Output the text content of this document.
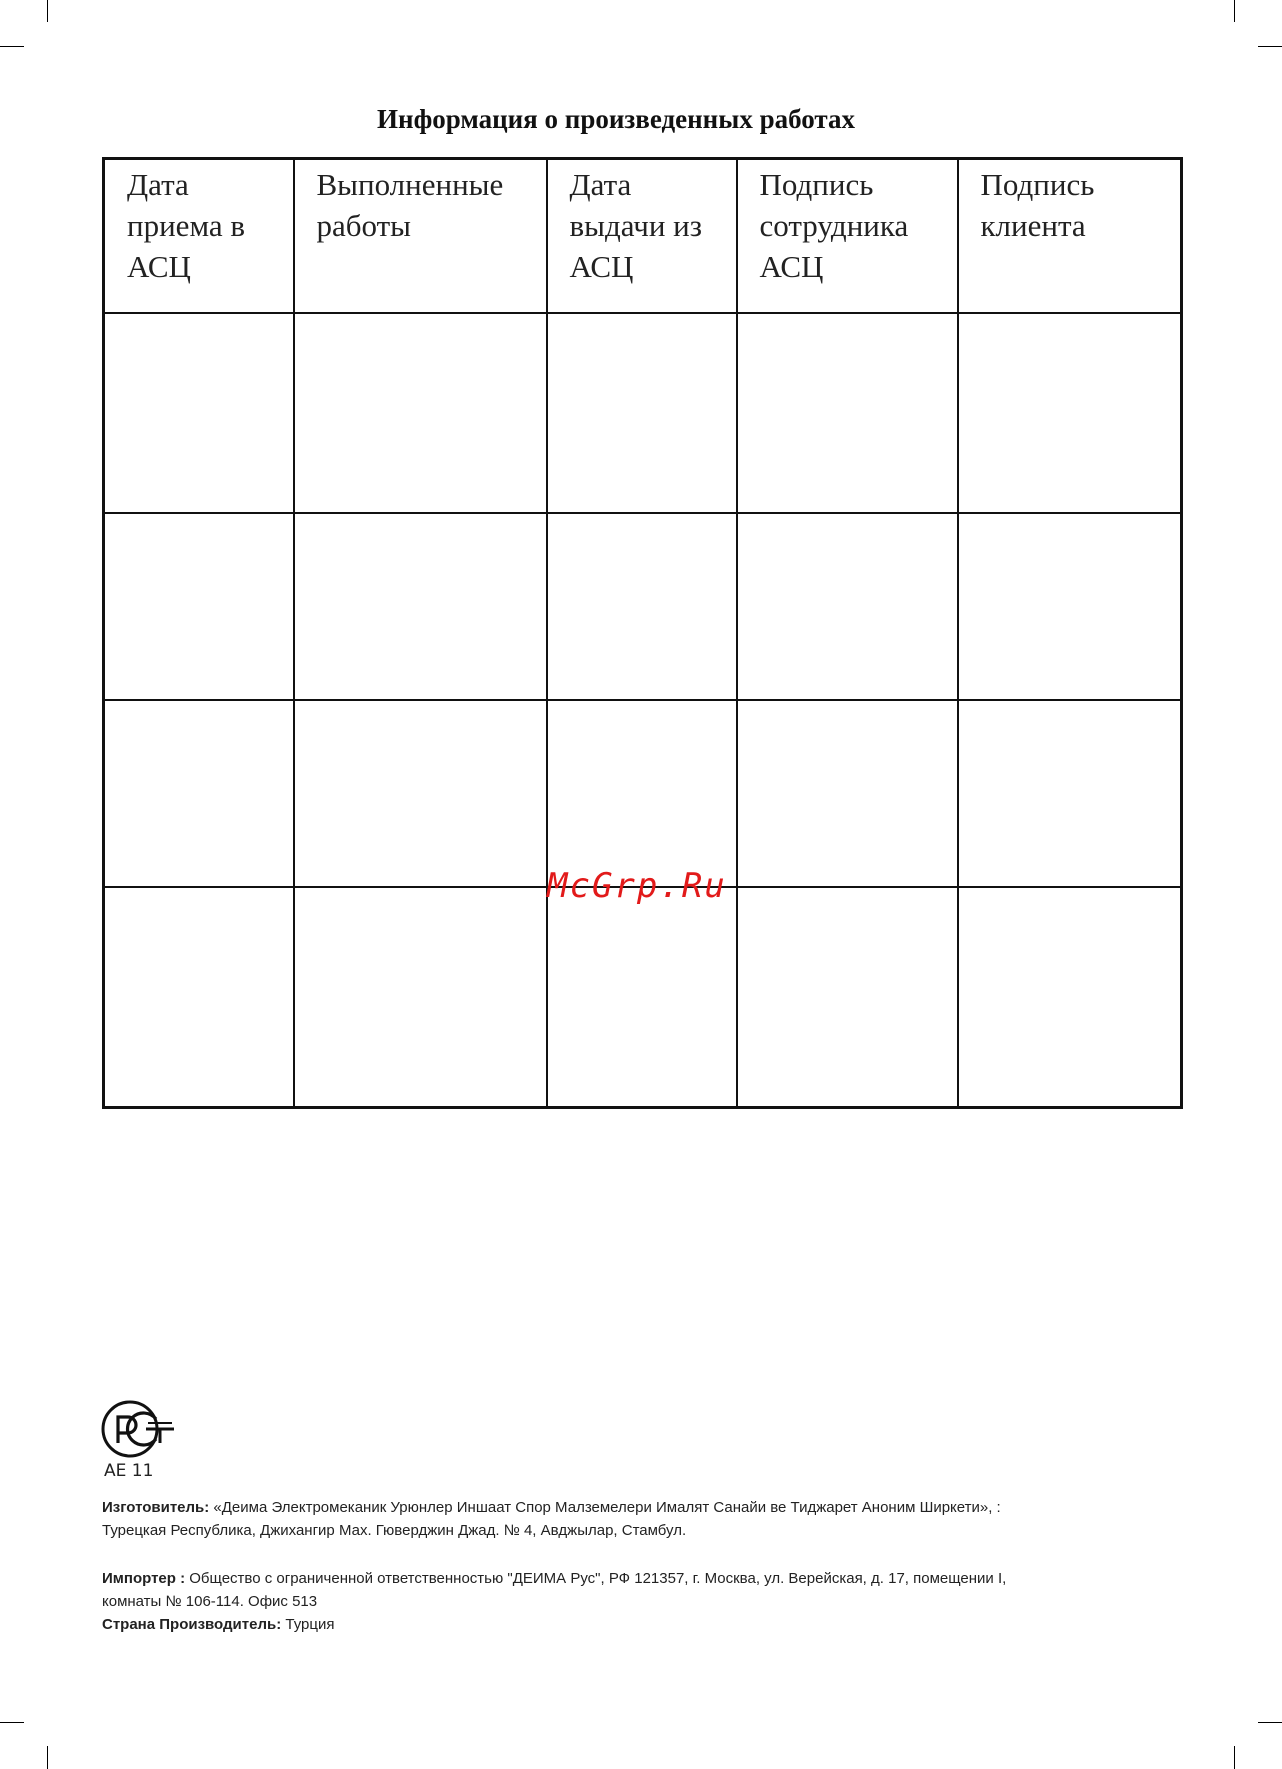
Информация о произведенных работах
Дата
приема в
АСЦ	Выполненные
работы	Дата
выдачи из
АСЦ	Подпись
сотрудника
АСЦ	Подпись
клиента

McGrp.Ru
AE 11
Изготовитель: «Деима Электромеканик Урюнлер Иншаат Спор Малземелери Ималят Санайи ве Тиджарет Аноним Ширкети», :
Турецкая Республика, Джихангир Мах. Гюверджин Джад. № 4, Авджылар, Стамбул.
Импортер : Общество с ограниченной ответственностью "ДЕИМА Рус", РФ 121357, г. Москва, ул. Верейская, д. 17, помещении I,
комнаты № 106-114. Офис 513
Страна Производитель: Турция
